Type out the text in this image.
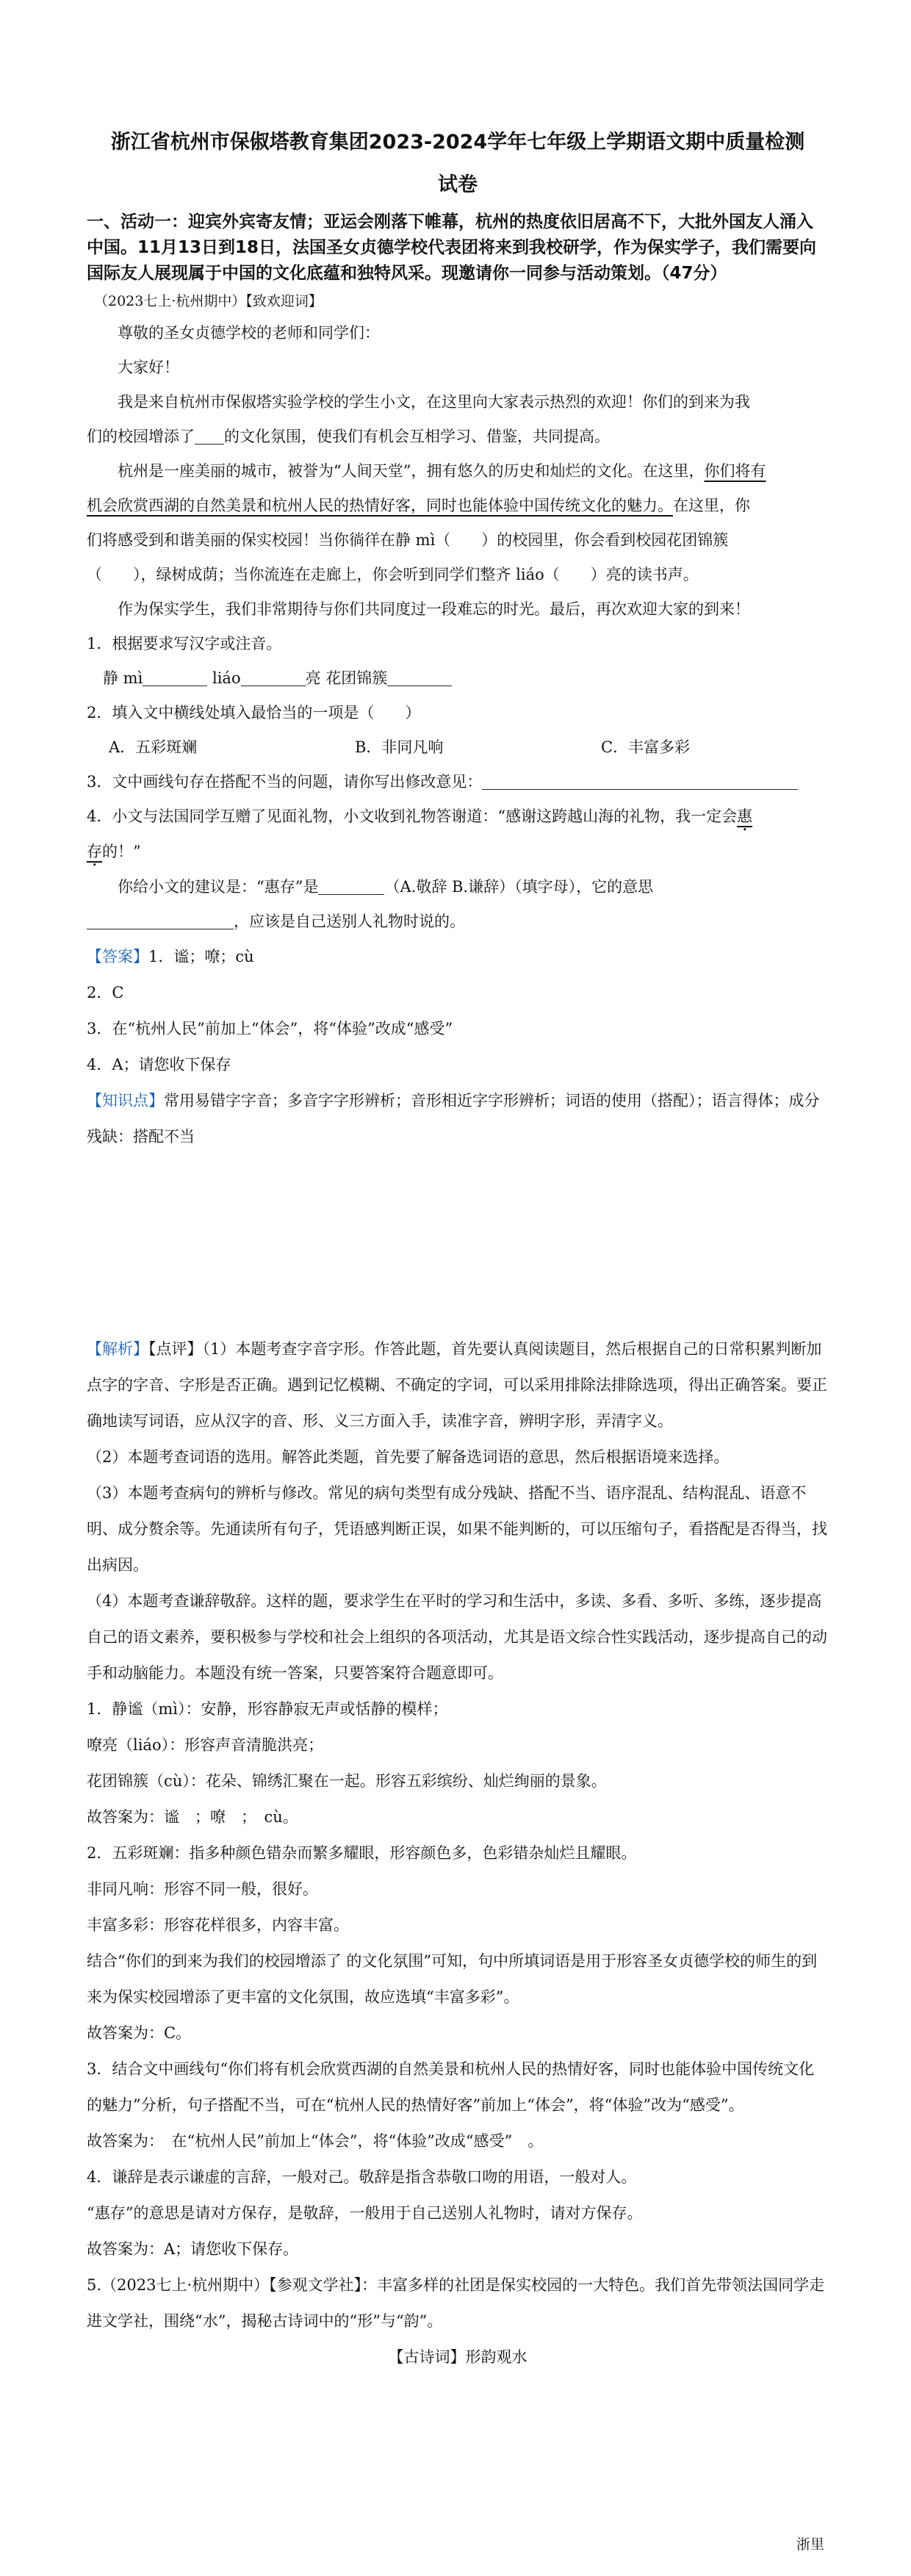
浙江省杭州市保俶塔教育集团2023-2024学年七年级上学期语文期中质量检测
试卷
一、活动一：迎宾外宾寄友情；亚运会刚落下帷幕，杭州的热度依旧居高不下，大批外国友人涌入中国。11月13日到18日，法国圣女贞德学校代表团将来到我校研学，作为保实学子，我们需要向国际友人展现属于中国的文化底蕴和独特风采。现邀请你一同参与活动策划。（47分）
（2023七上·杭州期中）【致欢迎词】
尊敬的圣女贞德学校的老师和同学们：
大家好！
我是来自杭州市保俶塔实验学校的学生小文，在这里向大家表示热烈的欢迎！你们的到来为我
们的校园增添了 的文化氛围，使我们有机会互相学习、借鉴，共同提高。
杭州是一座美丽的城市，被誉为“人间天堂”，拥有悠久的历史和灿烂的文化。在这里，你们将有
机会欣赏西湖的自然美景和杭州人民的热情好客，同时也能体验中国传统文化的魅力。在这里，你
们将感受到和谐美丽的保实校园！当你徜徉在静 mì（　　）的校园里，你会看到校园花团锦簇
（　　），绿树成荫；当你流连在走廊上，你会听到同学们整齐 liáo（　　）亮的读书声。
作为保实学生，我们非常期待与你们共同度过一段难忘的时光。最后，再次欢迎大家的到来！
1．根据要求写汉字或注音。
静 mì	liáo	亮 花团锦簇
2．填入文中横线处填入最恰当的一项是（　　）
A．五彩斑斓	B．非同凡响	C．丰富多彩
3．文中画线句存在搭配不当的问题，请你写出修改意见：
4．小文与法国同学互赠了见面礼物，小文收到礼物答谢道：“感谢这跨越山海的礼物，我一定会惠
存的！”
你给小文的建议是：“惠存”是	（A.敬辞 B.谦辞）（填字母），它的意思
，应该是自己送别人礼物时说的。
【答案】1．谧；嘹；cù
2．C
3．在“杭州人民”前加上“体会”，将“体验”改成“感受”
4．A；请您收下保存
【知识点】常用易错字字音；多音字字形辨析；音形相近字字形辨析；词语的使用（搭配）；语言得体；成分残缺：搭配不当
【解析】【点评】（1）本题考查字音字形。作答此题，首先要认真阅读题目，然后根据自己的日常积累判断加点字的字音、字形是否正确。遇到记忆模糊、不确定的字词，可以采用排除法排除选项，得出正确答案。要正确地读写词语，应从汉字的音、形、义三方面入手，读准字音，辨明字形，弄清字义。
（2）本题考查词语的选用。解答此类题，首先要了解备选词语的意思，然后根据语境来选择。
（3）本题考查病句的辨析与修改。常见的病句类型有成分残缺、搭配不当、语序混乱、结构混乱、语意不明、成分赘余等。先通读所有句子，凭语感判断正误，如果不能判断的，可以压缩句子，看搭配是否得当，找出病因。
（4）本题考查谦辞敬辞。这样的题，要求学生在平时的学习和生活中，多读、多看、多听、多练，逐步提高自己的语文素养，要积极参与学校和社会上组织的各项活动，尤其是语文综合性实践活动，逐步提高自己的动手和动脑能力。本题没有统一答案，只要答案符合题意即可。
1．静谧（mì）：安静，形容静寂无声或恬静的模样；
嘹亮（liáo）：形容声音清脆洪亮；
花团锦簇（cù）：花朵、锦绣汇聚在一起。形容五彩缤纷、灿烂绚丽的景象。
故答案为：谧　；嘹　；　cù。
2．五彩斑斓：指多种颜色错杂而繁多耀眼，形容颜色多，色彩错杂灿烂且耀眼。
非同凡响：形容不同一般，很好。
丰富多彩：形容花样很多，内容丰富。
结合“你们的到来为我们的校园增添了 的文化氛围”可知，句中所填词语是用于形容圣女贞德学校的师生的到来为保实校园增添了更丰富的文化氛围，故应选填“丰富多彩”。
故答案为：C。
3．结合文中画线句“你们将有机会欣赏西湖的自然美景和杭州人民的热情好客，同时也能体验中国传统文化的魅力”分析，句子搭配不当，可在“杭州人民的热情好客”前加上“体会”，将“体验”改为“感受”。
故答案为：　在“杭州人民”前加上“体会”，将“体验”改成“感受”　。
4．谦辞是表示谦虚的言辞，一般对己。敬辞是指含恭敬口吻的用语，一般对人。
“惠存”的意思是请对方保存，是敬辞，一般用于自己送别人礼物时，请对方保存。
故答案为：A；请您收下保存。
5.（2023七上·杭州期中）【参观文学社】：丰富多样的社团是保实校园的一大特色。我们首先带领法国同学走进文学社，围绕“水”，揭秘古诗词中的“形”与“韵”。
【古诗词】形韵观水
浙里
